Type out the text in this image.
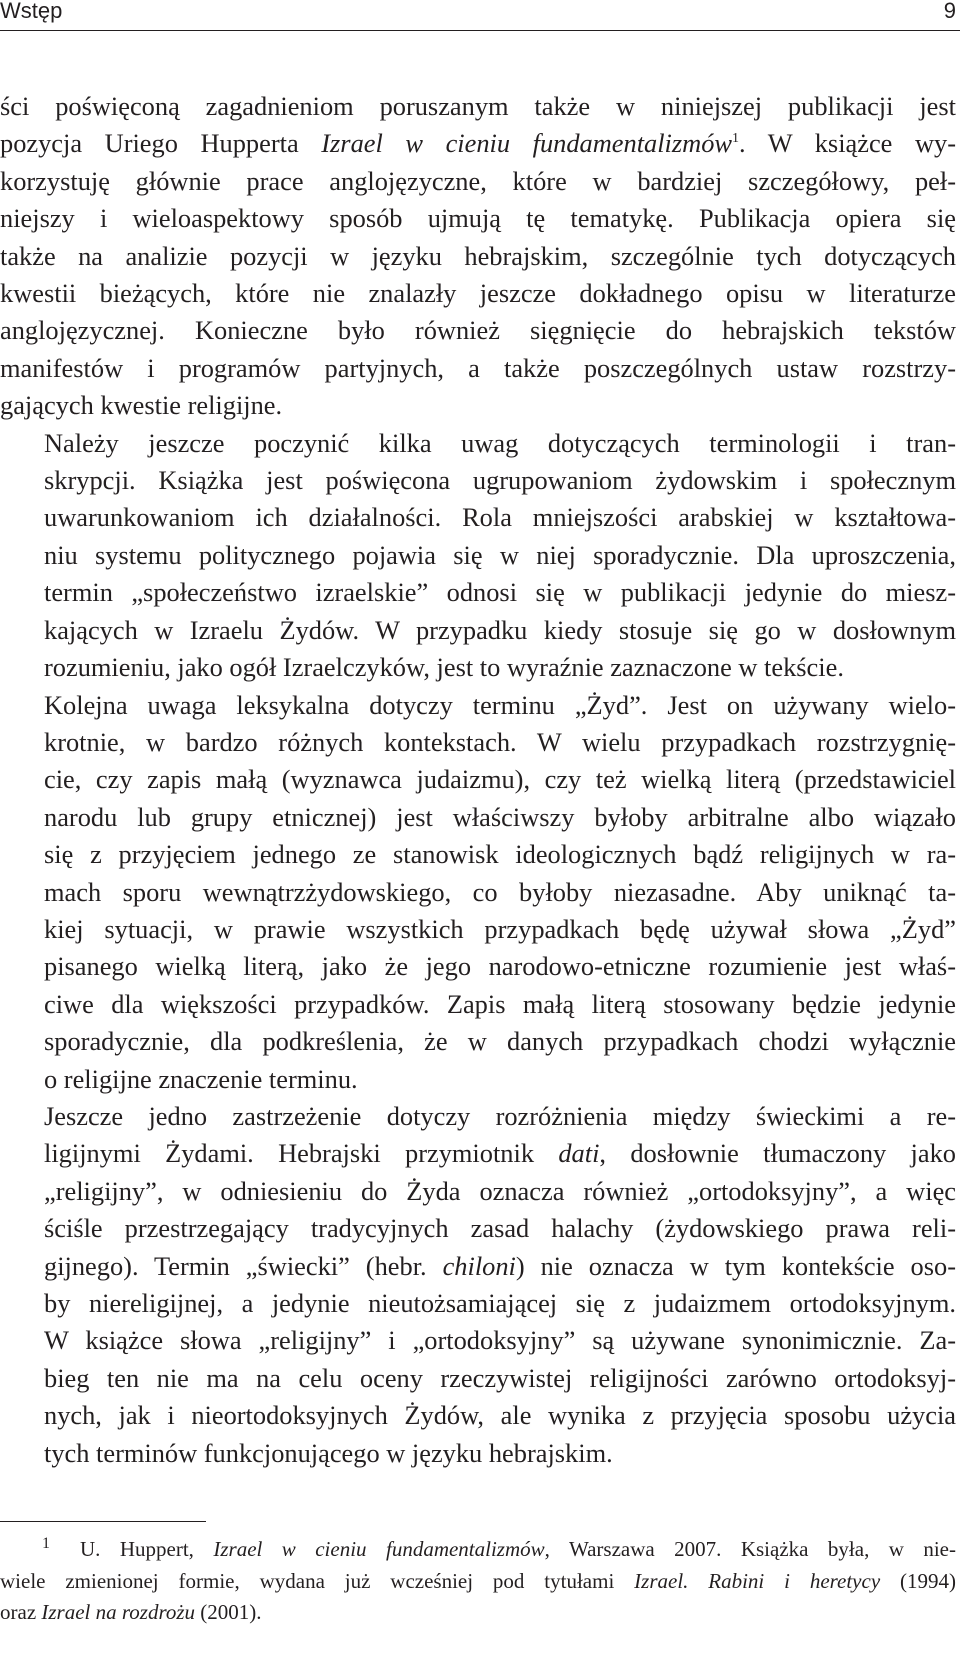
Wstęp	9

ści poświęconą zagadnieniom poruszanym także w niniejszej publikacji jest
pozycja Uriego Hupperta Izrael w cieniu fundamentalizmów$^1$. W książce wy-
korzystuję głównie prace anglojęzyczne, które w bardziej szczegółowy, peł-
niejszy i wieloaspektowy sposób ujmują tę tematykę. Publikacja opiera się
także na analizie pozycji w języku hebrajskim, szczególnie tych dotyczących
kwestii bieżących, które nie znalazły jeszcze dokładnego opisu w literaturze
anglojęzycznej. Konieczne było również sięgnięcie do hebrajskich tekstów
manifestów i programów partyjnych, a także poszczególnych ustaw rozstrzy-
gających kwestie religijne.

Należy jeszcze poczynić kilka uwag dotyczących terminologii i tran-
skrypcji. Książka jest poświęcona ugrupowaniom żydowskim i społecznym
uwarunkowaniom ich działalności. Rola mniejszości arabskiej w kształtowa-
niu systemu politycznego pojawia się w niej sporadycznie. Dla uproszczenia,
termin „społeczeństwo izraelskie” odnosi się w publikacji jedynie do miesz-
kających w Izraelu Żydów. W przypadku kiedy stosuje się go w dosłownym
rozumieniu, jako ogół Izraelczyków, jest to wyraźnie zaznaczone w tekście.

Kolejna uwaga leksykalna dotyczy terminu „Żyd”. Jest on używany wielo-
krotnie, w bardzo różnych kontekstach. W wielu przypadkach rozstrzygnię-
cie, czy zapis małą (wyznawca judaizmu), czy też wielką literą (przedstawiciel
narodu lub grupy etnicznej) jest właściwszy byłoby arbitralne albo wiązało
się z przyjęciem jednego ze stanowisk ideologicznych bądź religijnych w ra-
mach sporu wewnątrzżydowskiego, co byłoby niezasadne. Aby uniknąć ta-
kiej sytuacji, w prawie wszystkich przypadkach będę używał słowa „Żyd”
pisanego wielką literą, jako że jego narodowo-etniczne rozumienie jest właś-
ciwe dla większości przypadków. Zapis małą literą stosowany będzie jedynie
sporadycznie, dla podkreślenia, że w danych przypadkach chodzi wyłącznie
o religijne znaczenie terminu.

Jeszcze jedno zastrzeżenie dotyczy rozróżnienia między świeckimi a re-
ligijnymi Żydami. Hebrajski przymiotnik dati, dosłownie tłumaczony jako
„religijny”, w odniesieniu do Żyda oznacza również „ortodoksyjny”, a więc
ściśle przestrzegający tradycyjnych zasad halachy (żydowskiego prawa reli-
gijnego). Termin „świecki” (hebr. chiloni) nie oznacza w tym kontekście oso-
by niereligijnej, a jedynie nieutożsamiającej się z judaizmem ortodoksyjnym.
W książce słowa „religijny” i „ortodoksyjny” są używane synonimicznie. Za-
bieg ten nie ma na celu oceny rzeczywistej religijności zarówno ortodoksyj-
nych, jak i nieortodoksyjnych Żydów, ale wynika z przyjęcia sposobu użycia
tych terminów funkcjonującego w języku hebrajskim.

1	U. Huppert, Izrael w cieniu fundamentalizmów, Warszawa 2007. Książka była, w nie-
wiele zmienionej formie, wydana już wcześniej pod tytułami Izrael. Rabini i heretycy (1994)
oraz Izrael na rozdrożu (2001).
